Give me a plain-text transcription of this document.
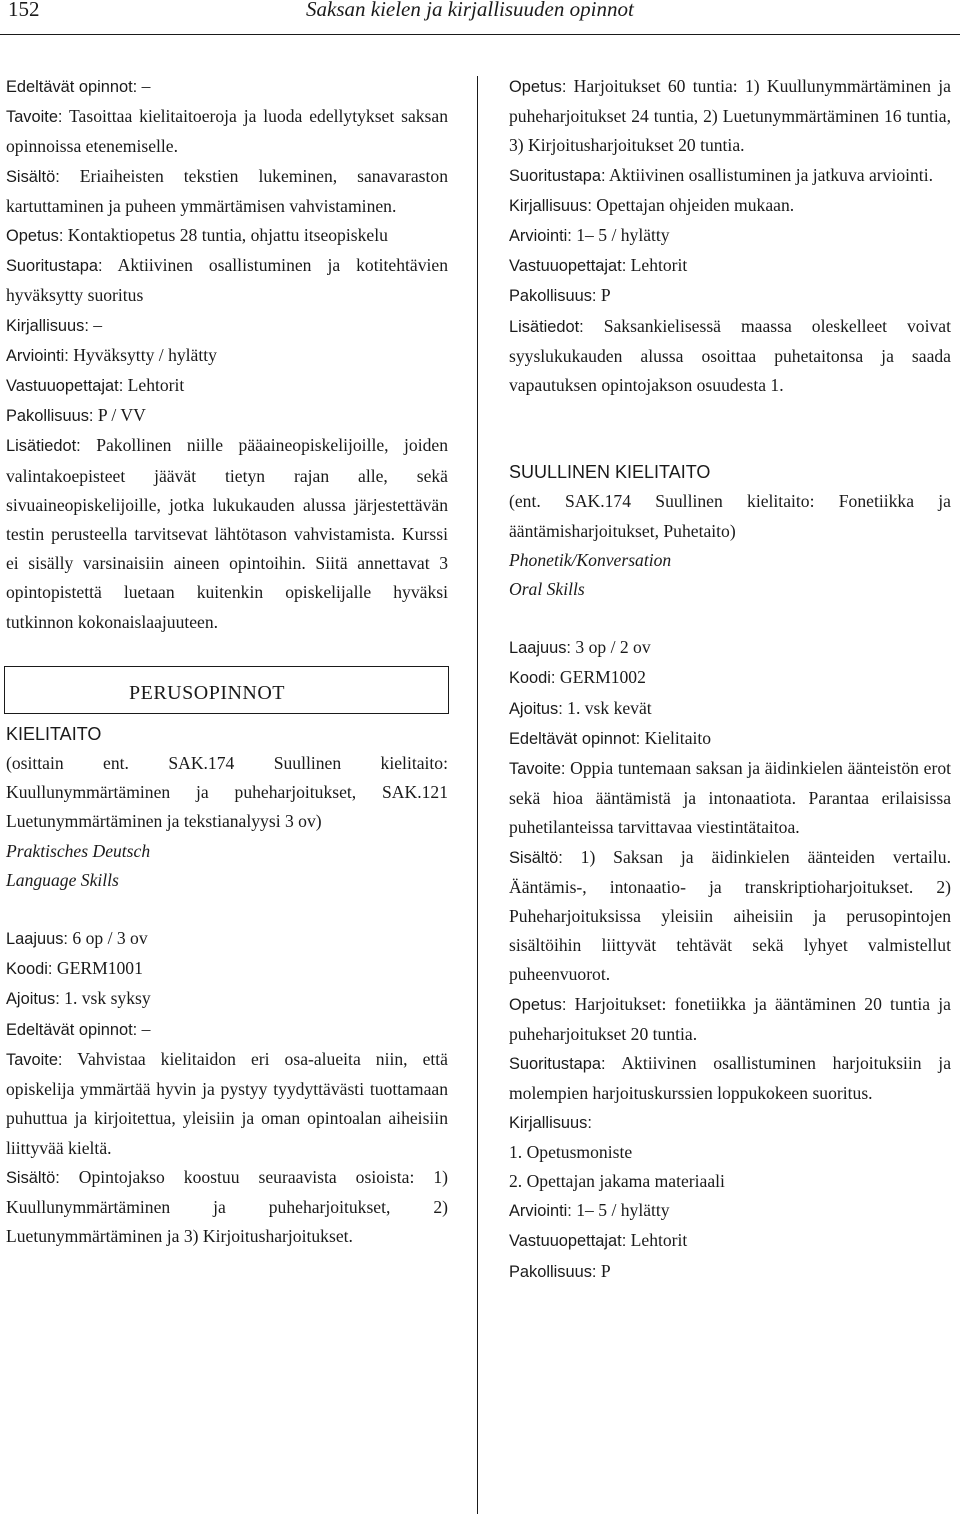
152	Saksan kielen ja kirjallisuuden opinnot

Edeltävät opinnot: –

Tavoite: Tasoittaa kielitaitoeroja ja luoda edellytykset saksan opinnoissa etenemiselle.

Sisältö: Eriaiheisten tekstien lukeminen, sanavaraston kartuttaminen ja puheen ymmärtämisen vahvistaminen.

Opetus: Kontaktiopetus 28 tuntia, ohjattu itseopiskelu

Suoritustapa: Aktiivinen osallistuminen ja kotitehtävien hyväksytty suoritus

Kirjallisuus: –

Arviointi: Hyväksytty / hylätty

Vastuuopettajat: Lehtorit

Pakollisuus: P / VV

Lisätiedot: Pakollinen niille pääaineopiskelijoille, joiden valintakoepisteet jäävät tietyn rajan alle, sekä sivuaineopiskelijoille, jotka lukukauden alussa järjestettävän testin perusteella tarvitsevat lähtötason vahvistamista. Kurssi ei sisälly varsinaisiin aineen opintoihin. Siitä annettavat 3 opintopistettä luetaan kuitenkin opiskelijalle hyväksi tutkinnon kokonaislaajuuteen.

PERUSOPINNOT

KIELITAITO

(osittain ent. SAK.174 Suullinen kielitaito: Kuullunymmärtäminen ja puheharjoitukset, SAK.121 Luetunymmärtäminen ja tekstianalyysi 3 ov)

Praktisches Deutsch

Language Skills

Laajuus: 6 op / 3 ov

Koodi: GERM1001

Ajoitus: 1. vsk syksy

Edeltävät opinnot: –

Tavoite: Vahvistaa kielitaidon eri osa-alueita niin, että opiskelija ymmärtää hyvin ja pystyy tyydyttävästi tuottamaan puhuttua ja kirjoitettua, yleisiin ja oman opintoalan aiheisiin liittyvää kieltä.

Sisältö: Opintojakso koostuu seuraavista osioista: 1) Kuullunymmärtäminen ja puheharjoitukset, 2) Luetunymmärtäminen ja 3) Kirjoitusharjoitukset.

Opetus: Harjoitukset 60 tuntia: 1) Kuullunymmärtäminen ja puheharjoitukset 24 tuntia, 2) Luetunymmärtäminen 16 tuntia, 3) Kirjoitusharjoitukset 20 tuntia.

Suoritustapa: Aktiivinen osallistuminen ja jatkuva arviointi.

Kirjallisuus: Opettajan ohjeiden mukaan.

Arviointi: 1– 5 / hylätty

Vastuuopettajat: Lehtorit

Pakollisuus: P

Lisätiedot: Saksankielisessä maassa oleskelleet voivat syyslukukauden alussa osoittaa puhetaitonsa ja saada vapautuksen opintojakson osuudesta 1.

SUULLINEN KIELITAITO

(ent. SAK.174 Suullinen kielitaito: Fonetiikka ja ääntämisharjoitukset, Puhetaito)

Phonetik/Konversation

Oral Skills

Laajuus: 3 op / 2 ov

Koodi: GERM1002

Ajoitus: 1. vsk kevät

Edeltävät opinnot: Kielitaito

Tavoite: Oppia tuntemaan saksan ja äidinkielen äänteistön erot sekä hioa ääntämistä ja intonaatiota. Parantaa erilaisissa puhetilanteissa tarvittavaa viestintätaitoa.

Sisältö: 1) Saksan ja äidinkielen äänteiden vertailu. Ääntämis-, intonaatio- ja transkriptioharjoitukset. 2) Puheharjoituksissa yleisiin aiheisiin ja perusopintojen sisältöihin liittyvät tehtävät sekä lyhyet valmistellut puheenvuorot.

Opetus: Harjoitukset: fonetiikka ja ääntäminen 20 tuntia ja puheharjoitukset 20 tuntia.

Suoritustapa: Aktiivinen osallistuminen harjoituksiin ja molempien harjoituskurssien loppukokeen suoritus.

Kirjallisuus:

1. Opetusmoniste

2. Opettajan jakama materiaali

Arviointi: 1– 5 / hylätty

Vastuuopettajat: Lehtorit

Pakollisuus: P
